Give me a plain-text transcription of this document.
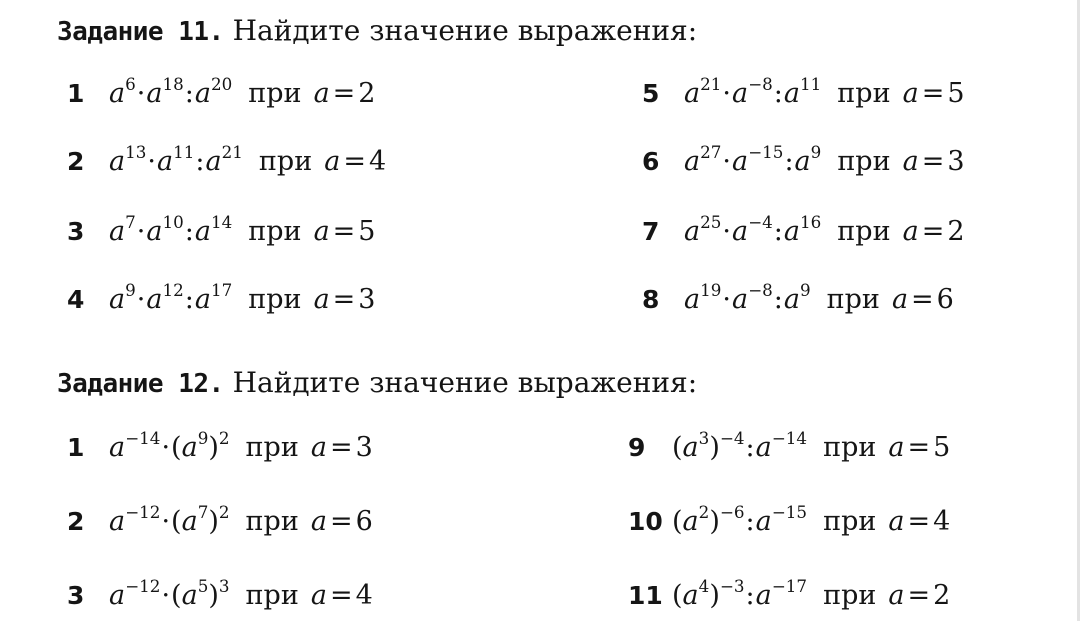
Задание 11. Найдите значение выражения:
1 $a^6\cdot a^{18}:a^{20}$ при a = 2
2 $a^{13}\cdot a^{11}:a^{21}$ при a = 4
3 $a^7\cdot a^{10}:a^{14}$ при a = 5
4 $a^9\cdot a^{12}:a^{17}$ при a = 3
5 $a^{21}\cdot a^{-8}:a^{11}$ при a = 5
6 $a^{27}\cdot a^{-15}:a^9$ при a = 3
7 $a^{25}\cdot a^{-4}:a^{16}$ при a = 2
8 $a^{19}\cdot a^{-8}:a^9$ при a = 6
Задание 12. Найдите значение выражения:
1 $a^{-14}\cdot(a^9)^2$ при a = 3
2 $a^{-12}\cdot(a^7)^2$ при a = 6
3 $a^{-12}\cdot(a^5)^3$ при a = 4
9 $(a^3)^{-4}:a^{-14}$ при a = 5
10 $(a^2)^{-6}:a^{-15}$ при a = 4
11 $(a^4)^{-3}:a^{-17}$ при a = 2
